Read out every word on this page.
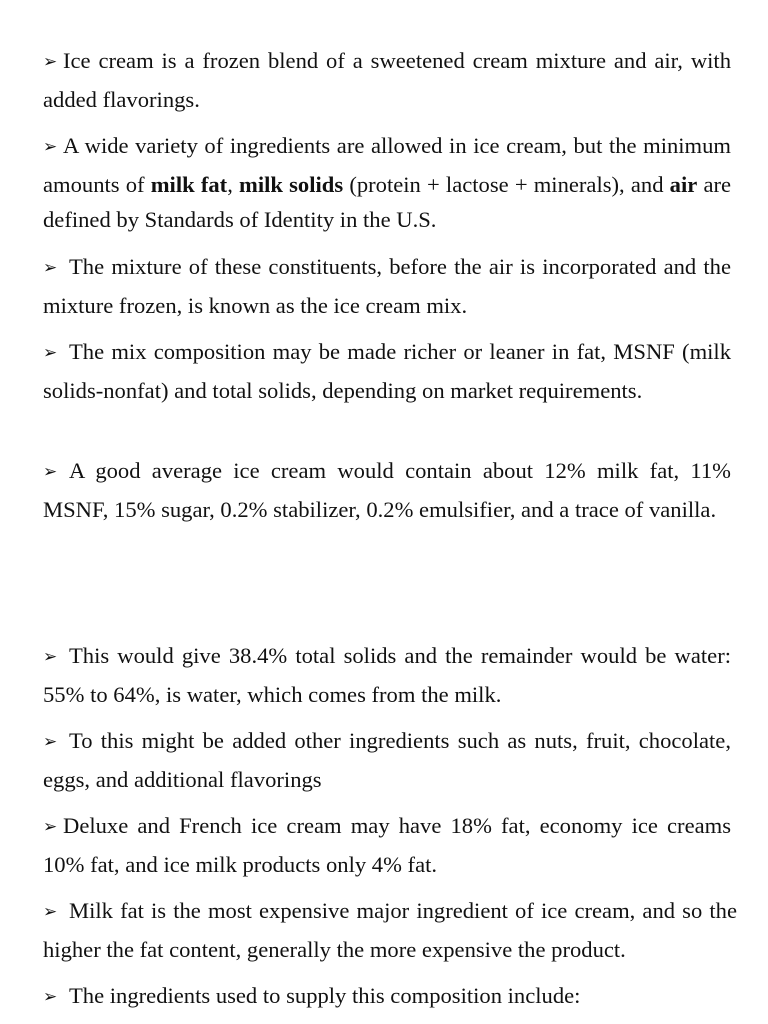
➢ Ice cream is a frozen blend of a sweetened cream mixture and air, with added flavorings.

➢ A wide variety of ingredients are allowed in ice cream, but the minimum amounts of milk fat, milk solids (protein + lactose + minerals), and air are defined by Standards of Identity in the U.S.

➢ The mixture of these constituents, before the air is incorporated and the mixture frozen, is known as the ice cream mix.

➢ The mix composition may be made richer or leaner in fat, MSNF (milk solids-nonfat) and total solids, depending on market requirements.

➢ A good average ice cream would contain about 12% milk fat, 11% MSNF, 15% sugar, 0.2% stabilizer, 0.2% emulsifier, and a trace of vanilla.

➢ This would give 38.4% total solids and the remainder would be water: 55% to 64%, is water, which comes from the milk.

➢ To this might be added other ingredients such as nuts, fruit, chocolate, eggs, and additional flavorings

➢ Deluxe and French ice cream may have 18% fat, economy ice creams 10% fat, and ice milk products only 4% fat.

➢ Milk fat is the most expensive major ingredient of ice cream, and so the higher the fat content, generally the more expensive the product.

➢ The ingredients used to supply this composition include:
